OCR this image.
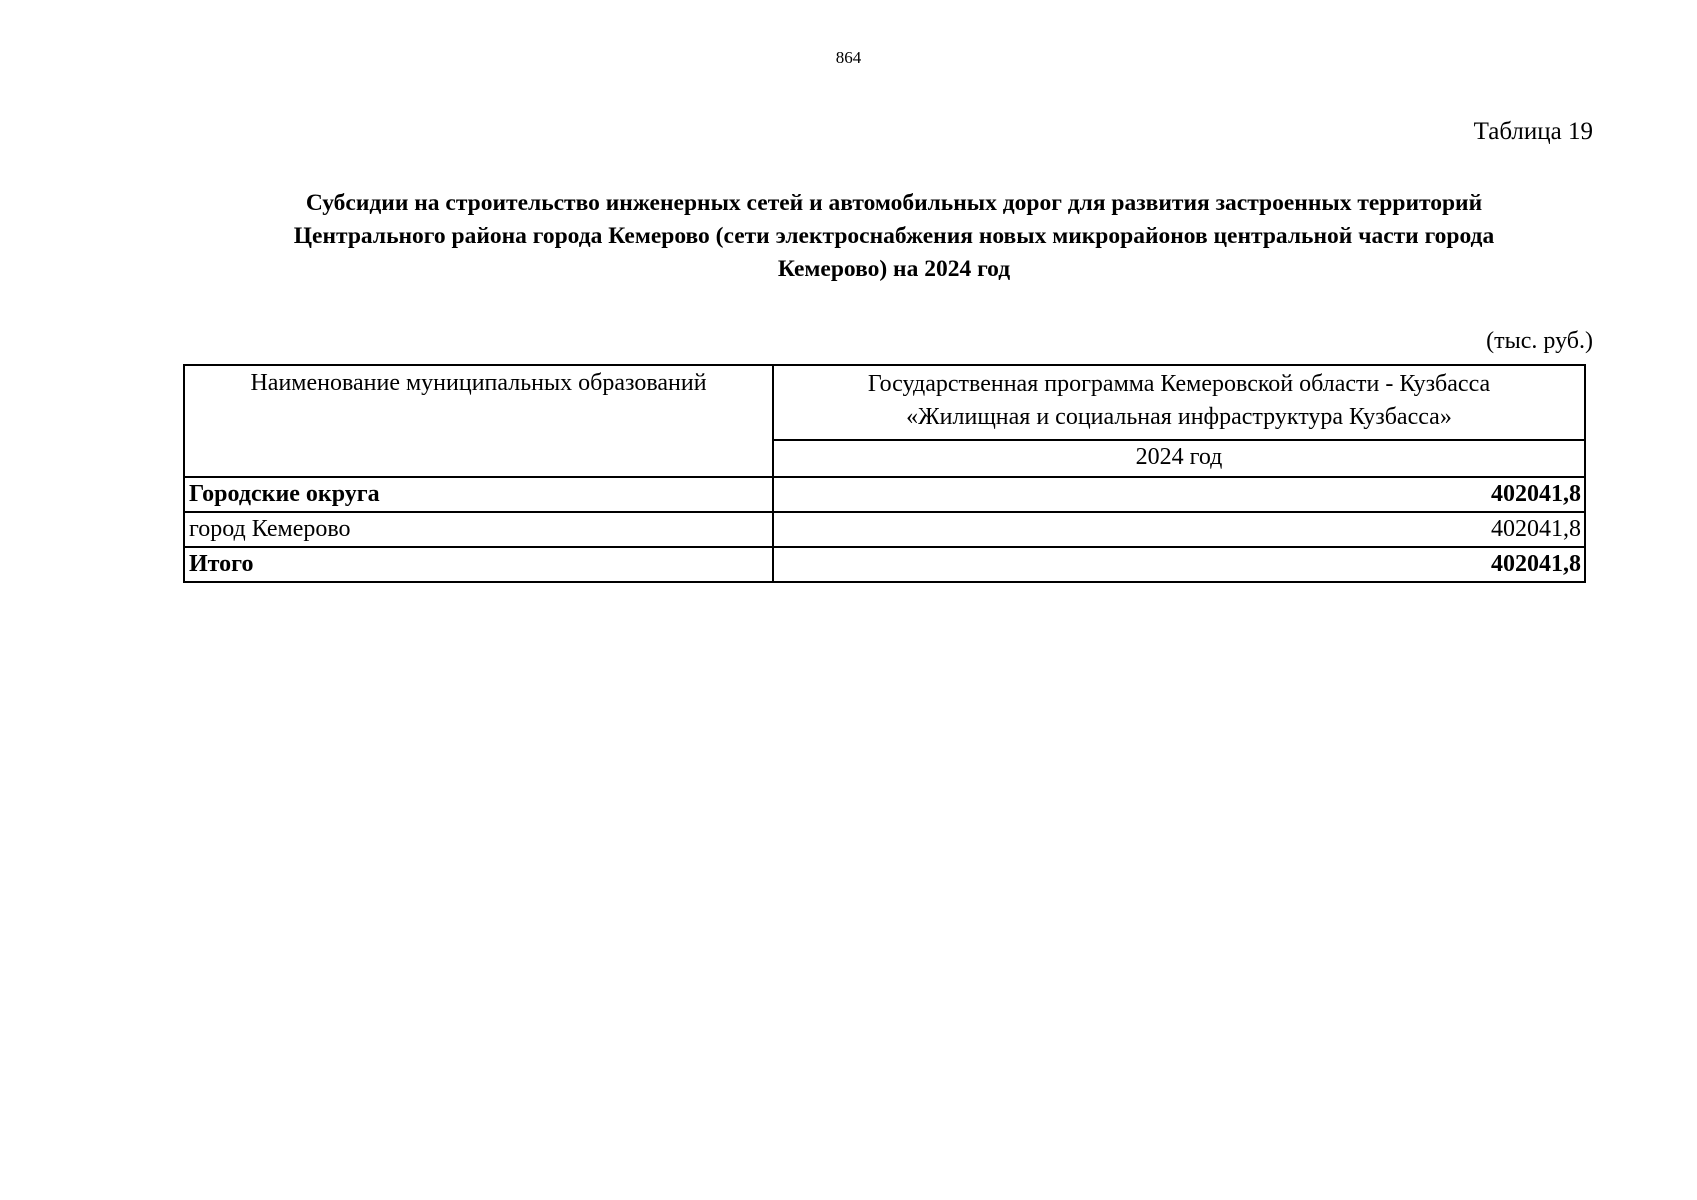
864
Таблица 19
Субсидии на строительство инженерных сетей и автомобильных дорог для развития застроенных территорий
Центрального района города Кемерово (сети электроснабжения новых микрорайонов центральной части города
Кемерово) на 2024 год
(тыс. руб.)
Наименование муниципальных образований	Государственная программа Кемеровской области - Кузбасса
«Жилищная и социальная инфраструктура Кузбасса»

	2024 год
Городские округа	402041,8
город Кемерово	402041,8
Итого	402041,8
